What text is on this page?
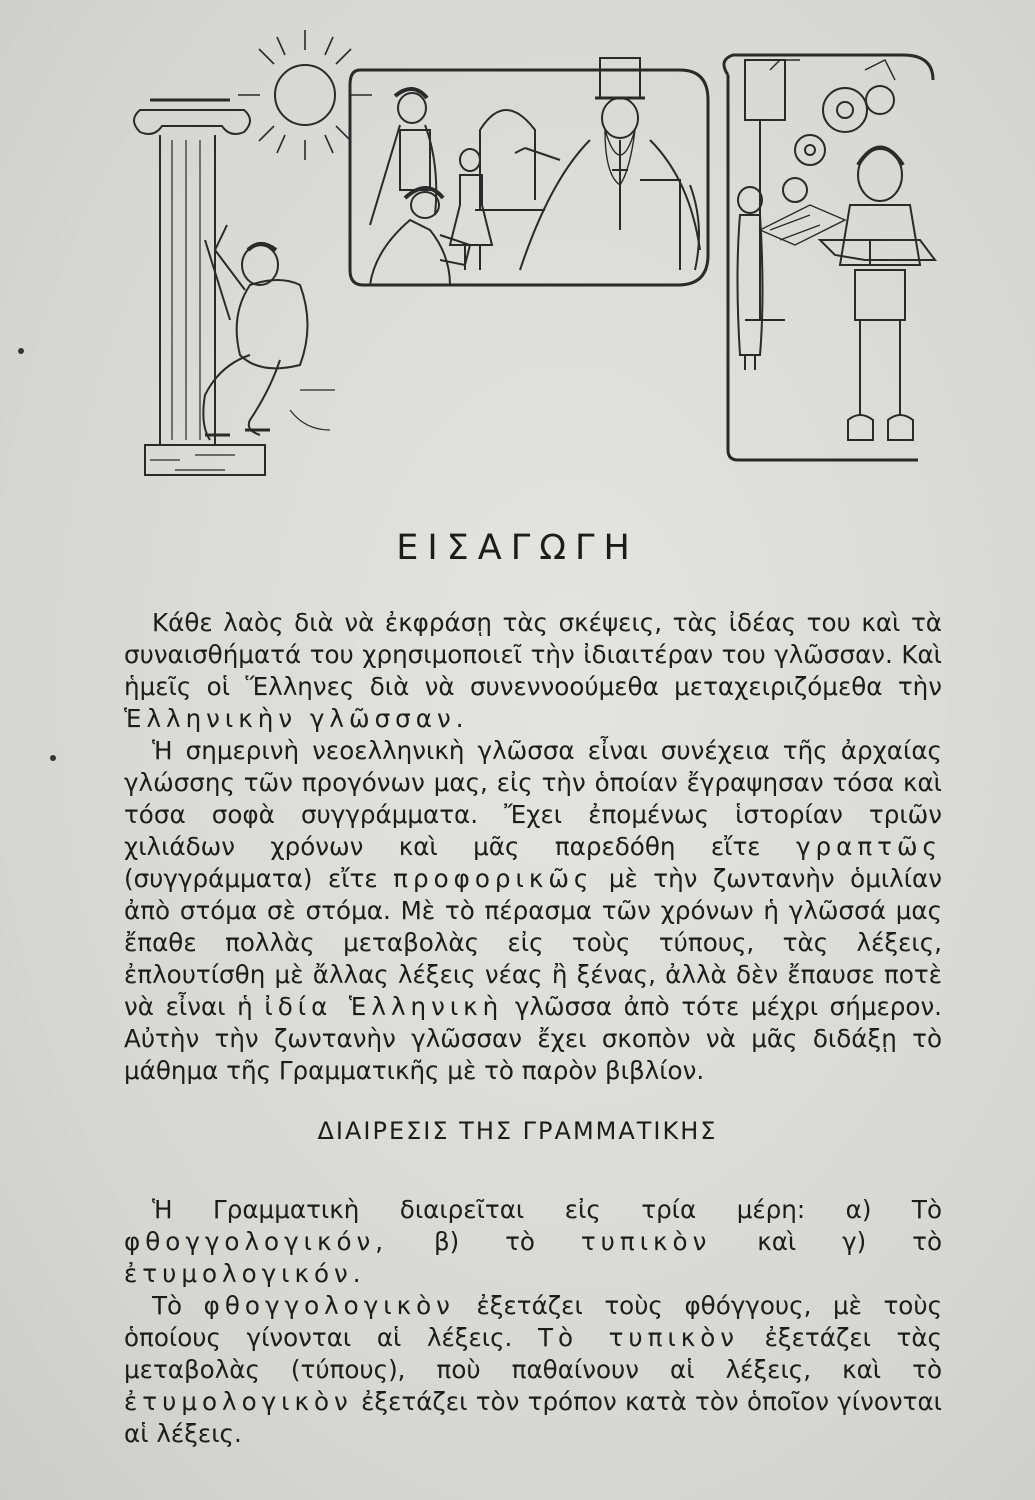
ΕΙΣΑΓΩΓΗ

Κάθε λαὸς διὰ νὰ ἐκφράσῃ τὰς σκέψεις, τὰς ἰδέας του καὶ τὰ συναισθήματά του χρησιμοποιεῖ τὴν ἰδιαιτέραν του γλῶσσαν. Καὶ ἡμεῖς οἱ Ἕλληνες διὰ νὰ συνεννοούμεθα μεταχειριζόμεθα τὴν Ἑλληνικὴν γλῶσσαν.

Ἡ σημερινὴ νεοελληνικὴ γλῶσσα εἶναι συνέχεια τῆς ἀρχαίας γλώσσης τῶν προγόνων μας, εἰς τὴν ὁποίαν ἔγραψησαν τόσα καὶ τόσα σοφὰ συγγράμματα. Ἔχει ἐπομένως ἱστορίαν τριῶν χιλιάδων χρόνων καὶ μᾶς παρεδόθη εἴτε γραπτῶς (συγγράμματα) εἴτε προφορικῶς μὲ τὴν ζωντανὴν ὁμιλίαν ἀπὸ στόμα σὲ στόμα. Μὲ τὸ πέρασμα τῶν χρόνων ἡ γλῶσσά μας ἔπαθε πολλὰς μεταβολὰς εἰς τοὺς τύπους, τὰς λέξεις, ἐπλουτίσθη μὲ ἄλλας λέξεις νέας ἢ ξένας, ἀλλὰ δὲν ἔπαυσε ποτὲ νὰ εἶναι ἡ ἰδία Ἑλληνικὴ γλῶσσα ἀπὸ τότε μέχρι σήμερον. Αὐτὴν τὴν ζωντανὴν γλῶσσαν ἔχει σκοπὸν νὰ μᾶς διδάξῃ τὸ μάθημα τῆς Γραμματικῆς μὲ τὸ παρὸν βιβλίον.

ΔΙΑΙΡΕΣΙΣ ΤΗΣ ΓΡΑΜΜΑΤΙΚΗΣ

Ἡ Γραμματικὴ διαιρεῖται εἰς τρία μέρη: α) Τὸ φθογγολογικόν, β) τὸ τυπικὸν καὶ γ) τὸ ἐτυμολογικόν.

Τὸ φθογγολογικὸν ἐξετάζει τοὺς φθόγγους, μὲ τοὺς ὁποίους γίνονται αἱ λέξεις. Τὸ τυπικὸν ἐξετάζει τὰς μεταβολὰς (τύπους), ποὺ παθαίνουν αἱ λέξεις, καὶ τὸ ἐτυμολογικὸν ἐξετάζει τὸν τρόπον κατὰ τὸν ὁποῖον γίνονται αἱ λέξεις.
